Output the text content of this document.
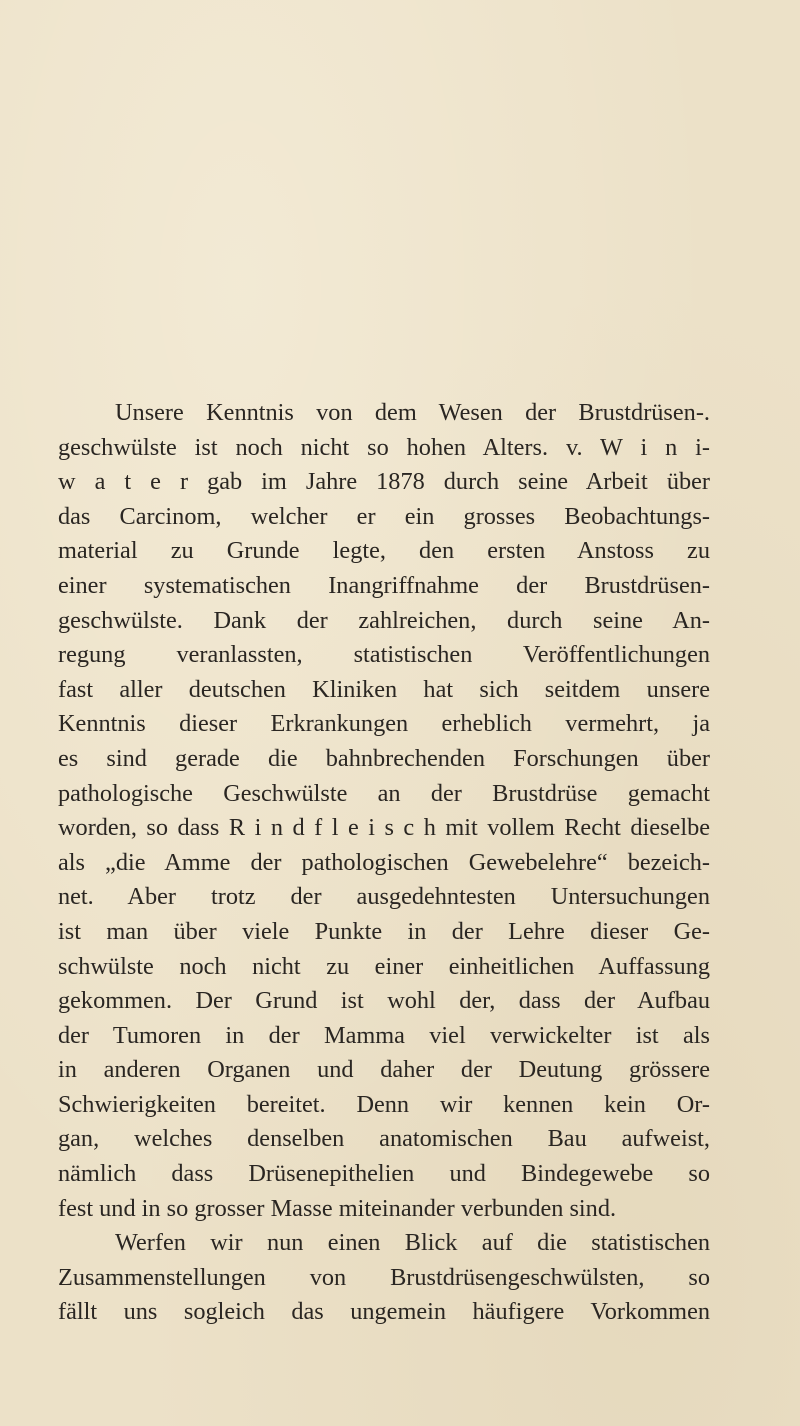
Unsere Kenntnis von dem Wesen der Brustdrüsen-.
geschwülste ist noch nicht so hohen Alters. v. W i n i-
w a t e r gab im Jahre 1878 durch seine Arbeit über
das Carcinom, welcher er ein grosses Beobachtungs-
material zu Grunde legte, den ersten Anstoss zu
einer systematischen Inangriffnahme der Brustdrüsen-
geschwülste. Dank der zahlreichen, durch seine An-
regung veranlassten, statistischen Veröffentlichungen
fast aller deutschen Kliniken hat sich seitdem unsere
Kenntnis dieser Erkrankungen erheblich vermehrt, ja
es sind gerade die bahnbrechenden Forschungen über
pathologische Geschwülste an der Brustdrüse gemacht
worden, so dass R i n d f l e i s c h mit vollem Recht dieselbe
als „die Amme der pathologischen Gewebelehre“ bezeich-
net. Aber trotz der ausgedehntesten Untersuchungen
ist man über viele Punkte in der Lehre dieser Ge-
schwülste noch nicht zu einer einheitlichen Auffassung
gekommen. Der Grund ist wohl der, dass der Aufbau
der Tumoren in der Mamma viel verwickelter ist als
in anderen Organen und daher der Deutung grössere
Schwierigkeiten bereitet. Denn wir kennen kein Or-
gan, welches denselben anatomischen Bau aufweist,
nämlich dass Drüsenepithelien und Bindegewebe so
fest und in so grosser Masse miteinander verbunden sind.
Werfen wir nun einen Blick auf die statistischen
Zusammenstellungen von Brustdrüsengeschwülsten, so
fällt uns sogleich das ungemein häufigere Vorkommen
